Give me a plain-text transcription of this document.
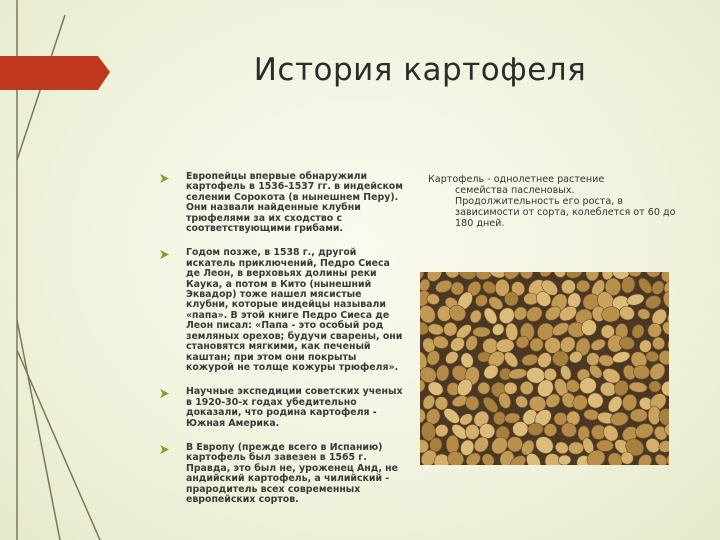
История картофеля
Европейцы впервые обнаружили картофель в 1536-1537 гг. в индейском селении Сорокота (в нынешнем Перу). Они назвали найденные клубни трюфелями за их сходство с соответствующими грибами.
Годом позже, в 1538 г., другой искатель приключений, Педро Сиеса де Леон, в верховьях долины реки Каука, а потом в Кито (нынешний Эквадор) тоже нашел мясистые клубни, которые индейцы называли «папа». В этой книге Педро Сиеса де Леон писал: «Папа - это особый род земляных орехов; будучи сварены, они становятся мягкими, как печеный каштан; при этом они покрыты кожурой не толще кожуры трюфеля».
Научные экспедиции советских ученых в 1920-30-х годах убедительно доказали, что родина картофеля - Южная Америка.
В Европу (прежде всего в Испанию) картофель был завезен в 1565 г. Правда, это был не, уроженец Анд, не андийский картофель, а чилийский - прародитель всех современных европейских сортов.
Картофель - однолетнее растение
семейства пасленовых. Продолжительность его роста, в зависимости от сорта, колеблется от 60 до 180 дней.
